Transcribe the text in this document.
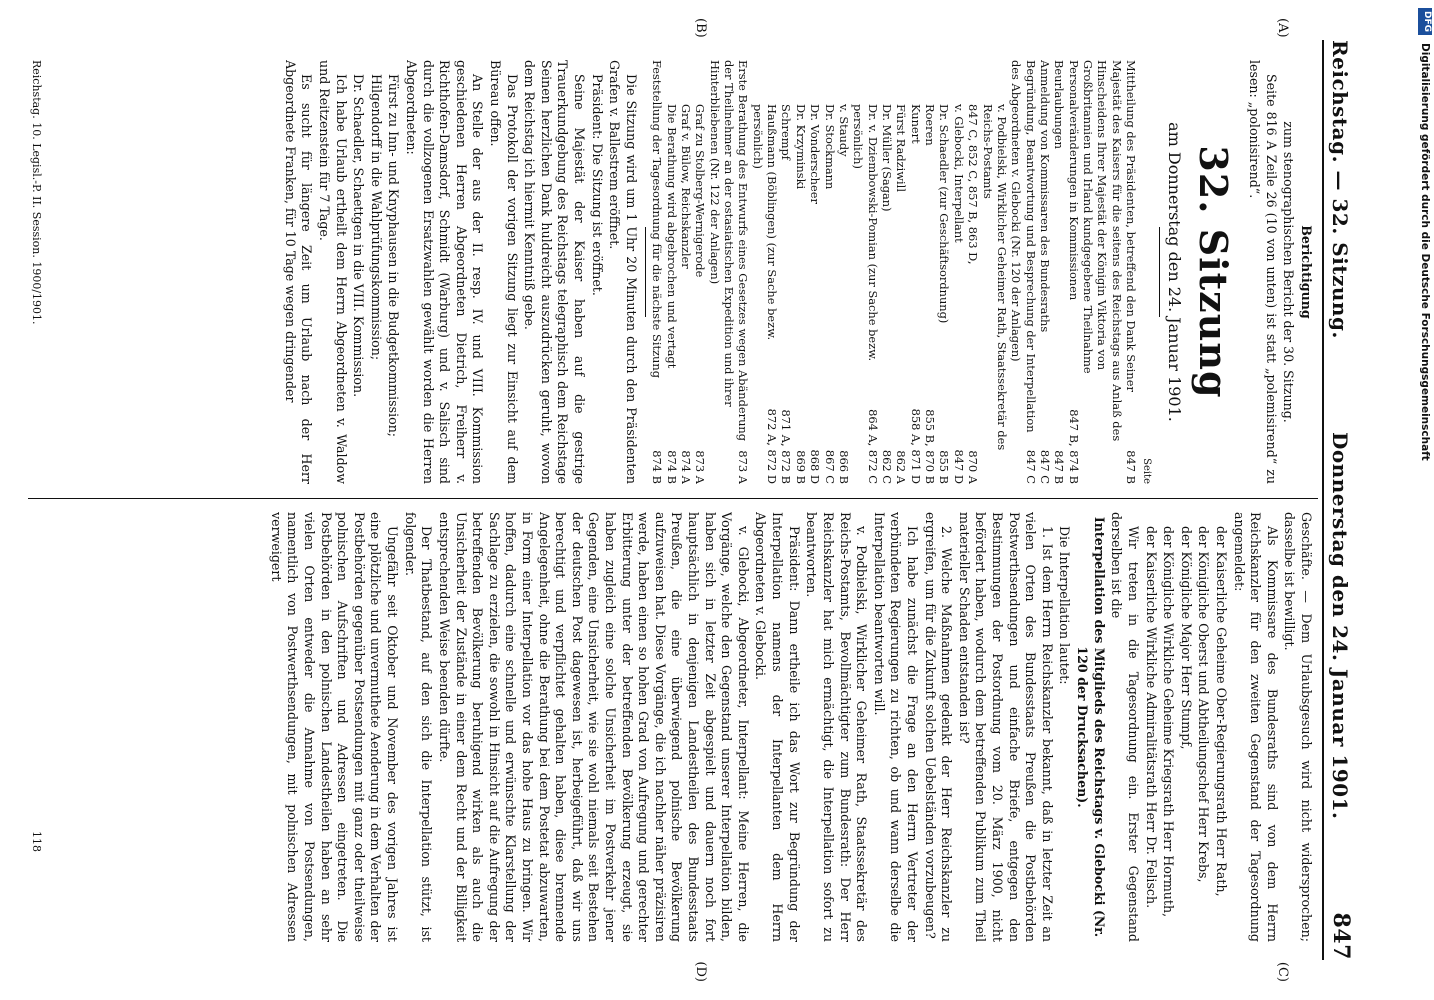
DFG
Digitalisierung gefördert durch die Deutsche Forschungsgemeinschaft
Reichstag. — 32. Sitzung.
Donnerstag den 24. Januar 1901.
847
(A)
(B)
(C)
(D)

Berichtigung

zum stenographischen Bericht der 30. Sitzung.

Seite 816 A Zeile 26 (10 von unten) ist statt „polemisirend“ zu lesen: „polonisirend“.

32. Sitzung
am Donnerstag den 24. Januar 1901.
Seite
Mittheilung des Präsidenten, betreffend den Dank Seiner Majestät des Kaisers für die seitens des Reichstags aus Anlaß des Hinscheidens Ihrer Majestät der Königin Viktoria von Großbritannien und Irland kundgegebene Theilnahme
847 B
Personalveränderungen in Kommissionen
847 B, 874 B
Beurlaubungen
847 B
Anmeldung von Kommissaren des Bundesraths
847 C
Begründung, Beantwortung und Besprechung der Interpellation des Abgeordneten v. Glebocki (Nr. 120 der Anlagen)
847 C
v. Podbielski, Wirklicher Geheimer Rath, Staatssekretär des Reichs-Postamts
847 C, 852 C, 857 B, 863 D,
870 A
v. Glebocki, Interpellant
847 D
Dr. Schaedler (zur Geschäftsordnung)
855 B
Roeren
855 B, 870 B
Kunert
858 A, 871 D
Fürst Radziwill
862 A
Dr. Müller (Sagan)
862 C
Dr. v. Dziembowski-Pomian (zur Sache bezw. persönlich)
864 A, 872 C
v. Staudy
866 B
Dr. Stockmann
867 C
Dr. Vonderscheer
868 D
Dr. Krzyminski
869 B
Schrempf
871 A, 872 B
Haußmann (Böblingen) (zur Sache bezw. persönlich)
872 A, 872 D
Erste Berathung des Entwurfs eines Gesetzes wegen Abänderung der Theilnehmer an der ostasiatischen Expedition und ihrer Hinterbliebenen (Nr. 122 der Anlagen)
873 A
Graf zu Stolberg-Wernigerode
873 A
Graf v. Bülow, Reichskanzler
874 A
Die Berathung wird abgebrochen und vertagt
874 B
Feststellung der Tagesordnung für die nächste Sitzung
874 B

Die Sitzung wird um 1 Uhr 20 Minuten durch den Präsidenten Grafen v. Ballestrem eröffnet.

Präsident: Die Sitzung ist eröffnet.

Seine Majestät der Kaiser haben auf die gestrige Trauerkundgebung des Reichstags telegraphisch dem Reichstage Seinen herzlichen Dank huldreicht auszudrücken geruht, wovon dem Reichstag ich hiermit Kenntniß gebe.

Das Protokoll der vorigen Sitzung liegt zur Einsicht auf dem Büreau offen.

An Stelle der aus der II. resp. IV. und VIII. Kommission geschiedenen Herren Abgeordneten Dietrich, Freiherr v. Richthofen-Damsdorf, Schmidt (Warburg) und v. Salisch sind durch die vollzogenen Ersatzwahlen gewählt worden die Herren Abgeordneten:

Fürst zu Inn- und Knyphausen in die Budgetkommission;

Hilgendorff in die Wahlprüfungskommission;

Dr. Schaedler, Schaettgen in die VIII. Kommission.

Ich habe Urlaub ertheilt dem Herrn Abgeordneten v. Waldow und Reitzenstein für 7 Tage.

Es sucht für längere Zeit um Urlaub nach der Herr Abgeordnete Franken, für 10 Tage wegen dringender

Reichstag. 10. Legisl.-P. II. Session. 1900/1901.

Geschäfte. — Dem Urlaubsgesuch wird nicht widersprochen; dasselbe ist bewilligt.

Als Kommissare des Bundesraths sind von dem Herrn Reichskanzler für den zweiten Gegenstand der Tagesordnung angemeldet:

der Kaiserliche Geheime Ober-Regierungsrath Herr Rath,

der Königliche Oberst und Abtheilungschef Herr Krebs,

der Königliche Major Herr Stumpf,

der Königliche Wirkliche Geheime Kriegsrath Herr Hormuth,

der Kaiserliche Wirkliche Admiralitätsrath Herr Dr. Felisch.

Wir treten in die Tagesordnung ein. Erster Gegenstand derselben ist die

Interpellation des Mitglieds des Reichstags v. Glebocki (Nr. 120 der Drucksachen).

Die Interpellation lautet:

1. Ist dem Herrn Reichskanzler bekannt, daß in letzter Zeit an vielen Orten des Bundesstaats Preußen die Postbehörden Postwerthsendungen und einfache Briefe, entgegen den Bestimmungen der Postordnung vom 20. März 1900, nicht befördert haben, wodurch dem betreffenden Publikum zum Theil materieller Schaden entstanden ist?

2. Welche Maßnahmen gedenkt der Herr Reichskanzler zu ergreifen, um für die Zukunft solchen Uebelständen vorzubeugen?

Ich habe zunächst die Frage an den Herrn Vertreter der verbündeten Regierungen zu richten, ob und wann derselbe die Interpellation beantworten will.

v. Podbielski, Wirklicher Geheimer Rath, Staatssekretär des Reichs-Postamts, Bevollmächtigter zum Bundesrath: Der Herr Reichskanzler hat mich ermächtigt, die Interpellation sofort zu beantworten.

Präsident: Dann ertheile ich das Wort zur Begründung der Interpellation namens der Interpellanten dem Herrn Abgeordneten v. Glebocki.

v. Glebocki, Abgeordneter, Interpellant: Meine Herren, die Vorgänge, welche den Gegenstand unserer Interpellation bilden, haben sich in letzter Zeit abgespielt und dauern noch fort hauptsächlich in denjenigen Landestheilen des Bundesstaats Preußen, die eine überwiegend polnische Bevölkerung aufzuweisen hat. Diese Vorgänge, die ich nachher näher präzisiren werde, haben einen so hohen Grad von Aufregung und gerechter Erbitterung unter der betreffenden Bevölkerung erzeugt, sie haben zugleich eine solche Unsicherheit im Postverkehr jener Gegenden, eine Unsicherheit, wie sie wohl niemals seit Bestehen der deutschen Post dagewesen ist, herbeigeführt, daß wir uns berechtigt und verpflichtet gehalten haben, diese brennende Angelegenheit, ohne die Berathung bei dem Postetat abzuwarten, in Form einer Interpellation vor das hohe Haus zu bringen. Wir hoffen, dadurch eine schnelle und erwünschte Klarstellung der Sachlage zu erzielen, die sowohl in Hinsicht auf die Aufregung der betreffenden Bevölkerung beruhigend wirken als auch die Unsicherheit der Zustände in einer dem Recht und der Billigkeit entsprechenden Weise beenden dürfte.

Der Thatbestand, auf den sich die Interpellation stützt, ist folgender.

Ungefähr seit Oktober und November des vorigen Jahres ist eine plötzliche und unvermuthete Aenderung in dem Verhalten der Postbehörden gegenüber Postsendungen mit ganz oder theilweise polnischen Aufschriften und Adressen eingetreten. Die Postbehörden in den polnischen Landestheilen haben an sehr vielen Orten entweder die Annahme von Postsendungen, namentlich von Postwerthsendungen, mit polnischen Adressen verweigert

118
